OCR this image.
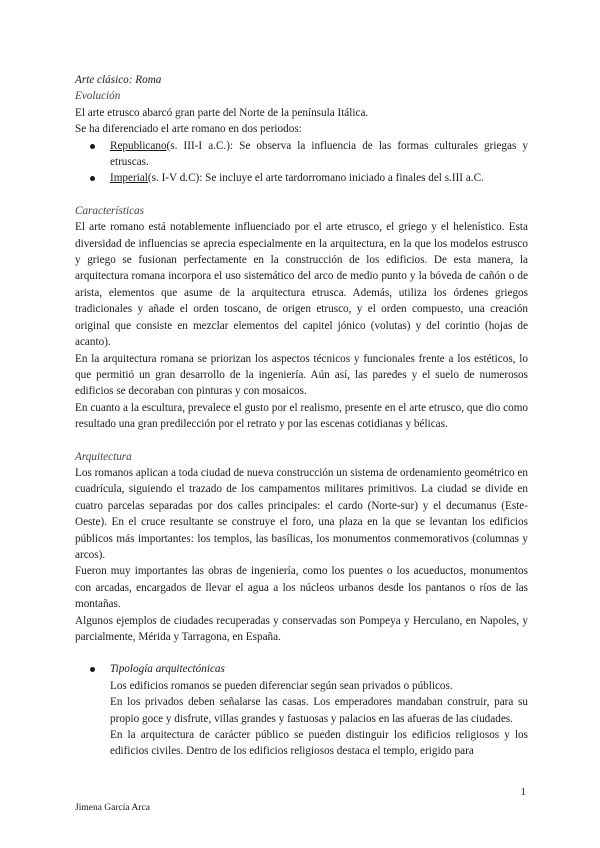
Arte clásico: Roma

Evolución

El arte etrusco abarcó gran parte del Norte de la península Itálica.

Se ha diferenciado el arte romano en dos periodos:

Republicano(s. III-I a.C.): Se observa la influencia de las formas culturales griegas y etruscas.
Imperial(s. I-V d.C): Se incluye el arte tardorromano iniciado a finales del s.III a.C.

Características

El arte romano está notablemente influenciado por el arte etrusco, el griego y el helenístico. Esta diversidad de influencias se aprecia especialmente en la arquitectura, en la que los modelos estrusco y griego se fusionan perfectamente en la construcción de los edificios. De esta manera, la arquitectura romana incorpora el uso sistemático del arco de medio punto y la bóveda de cañón o de arista, elementos que asume de la arquitectura etrusca. Además, utiliza los órdenes griegos tradicionales y añade el orden toscano, de origen etrusco, y el orden compuesto, una creación original que consiste en mezclar elementos del capitel jónico (volutas) y del corintio (hojas de acanto).

En la arquitectura romana se priorizan los aspectos técnicos y funcionales frente a los estéticos, lo que permitió un gran desarrollo de la ingeniería. Aún así, las paredes y el suelo de numerosos edificios se decoraban con pinturas y con mosaicos.

En cuanto a la escultura, prevalece el gusto por el realismo, presente en el arte etrusco, que dio como resultado una gran predilección por el retrato y por las escenas cotidianas y bélicas.

Arquitectura

Los romanos aplican a toda ciudad de nueva construcción un sistema de ordenamiento geométrico en cuadrícula, siguiendo el trazado de los campamentos militares primitivos. La ciudad se divide en cuatro parcelas separadas por dos calles principales: el cardo (Norte-sur) y el decumanus (Este-Oeste). En el cruce resultante se construye el foro, una plaza en la que se levantan los edificios públicos más importantes: los templos, las basílicas, los monumentos conmemorativos (columnas y arcos).

Fueron muy importantes las obras de ingeniería, como los puentes o los acueductos, monumentos con arcadas, encargados de llevar el agua a los núcleos urbanos desde los pantanos o ríos de las montañas.

Algunos ejemplos de ciudades recuperadas y conservadas son Pompeya y Herculano, en Napoles, y parcialmente, Mérida y Tarragona, en España.

Tipología arquitectónicas

Los edificios romanos se pueden diferenciar según sean privados o públicos.

En los privados deben señalarse las casas. Los emperadores mandaban construir, para su propio goce y disfrute, villas grandes y fastuosas y palacios en las afueras de las ciudades.

En la arquitectura de carácter público se pueden distinguir los edificios religiosos y los edificios civiles. Dentro de los edificios religiosos destaca el templo, erigido para

1
Jimena García Arca
